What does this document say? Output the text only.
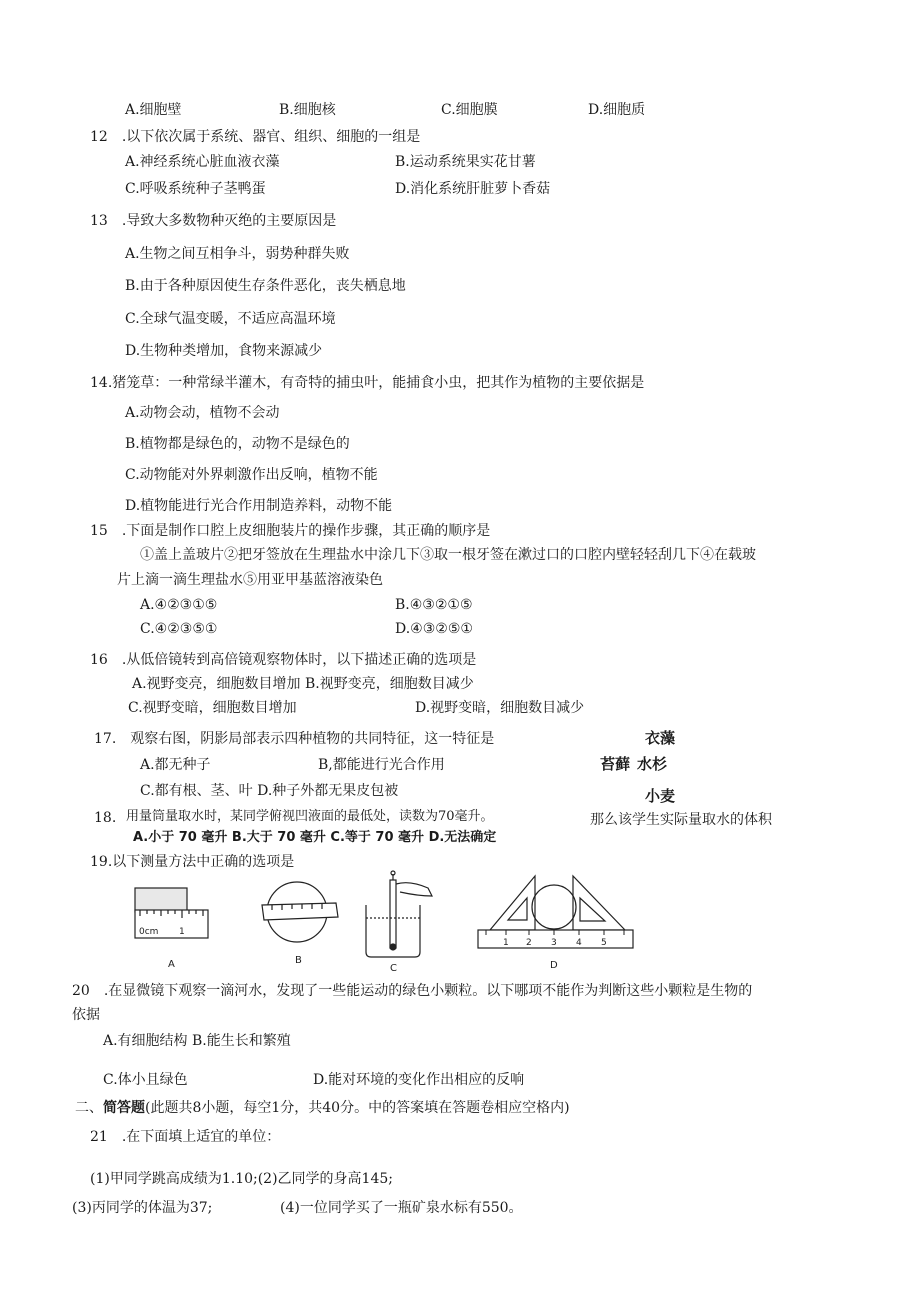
A.细胞壁	B.细胞核	C.细胞膜	D.细胞质
12　.以下依次属于系统、器官、组织、细胞的一组是
A.神经系统心脏血液衣藻	B.运动系统果实花甘薯
C.呼吸系统种子茎鸭蛋	D.消化系统肝脏萝卜香菇
13　.导致大多数物种灭绝的主要原因是
A.生物之间互相争斗，弱势种群失败
B.由于各种原因使生存条件恶化，丧失栖息地
C.全球气温变暖，不适应高温环境
D.生物种类增加，食物来源减少
14.猪笼草：一种常绿半灌木，有奇特的捕虫叶，能捕食小虫，把其作为植物的主要依据是
A.动物会动，植物不会动
B.植物都是绿色的，动物不是绿色的
C.动物能对外界刺激作出反响，植物不能
D.植物能进行光合作用制造养料，动物不能
15　.下面是制作口腔上皮细胞装片的操作步骤，其正确的顺序是
①盖上盖玻片②把牙签放在生理盐水中涂几下③取一根牙签在漱过口的口腔内壁轻轻刮几下④在载玻
片上滴一滴生理盐水⑤用亚甲基蓝溶液染色
A.④②③①⑤	B.④③②①⑤
C.④②③⑤①	D.④③②⑤①
16　.从低倍镜转到高倍镜观察物体时，以下描述正确的选项是
A.视野变亮，细胞数目增加 B.视野变亮，细胞数目减少
C.视野变暗，细胞数目增加	D.视野变暗，细胞数目减少
17.　观察右图，阴影局部表示四种植物的共同特征，这一特征是
A.都无种子	B,都能进行光合作用
C.都有根、茎、叶 D.种子外都无果皮包被
衣藻
苔藓 水杉
小麦
18. 用量筒量取水时，某同学俯视凹液面的最低处，读数为70毫升。	那么该学生实际量取水的体积
A.小于 70 毫升 B.大于 70 毫升 C.等于 70 毫升 D.无法确定
19.以下测量方法中正确的选项是
0cm 1
A	B
C
1 2 3 4 5
D
20　.在显微镜下观察一滴河水，发现了一些能运动的绿色小颗粒。以下哪项不能作为判断这些小颗粒是生物的
依据
A.有细胞结构 B.能生长和繁殖
C.体小且绿色	D.能对环境的变化作出相应的反响
二、简答题(此题共8小题，每空1分，共40分。中的答案填在答题卷相应空格内)
21　.在下面填上适宜的单位：
(1)甲同学跳高成绩为1.10;(2)乙同学的身高145;
(3)丙同学的体温为37;	(4)一位同学买了一瓶矿泉水标有550。
